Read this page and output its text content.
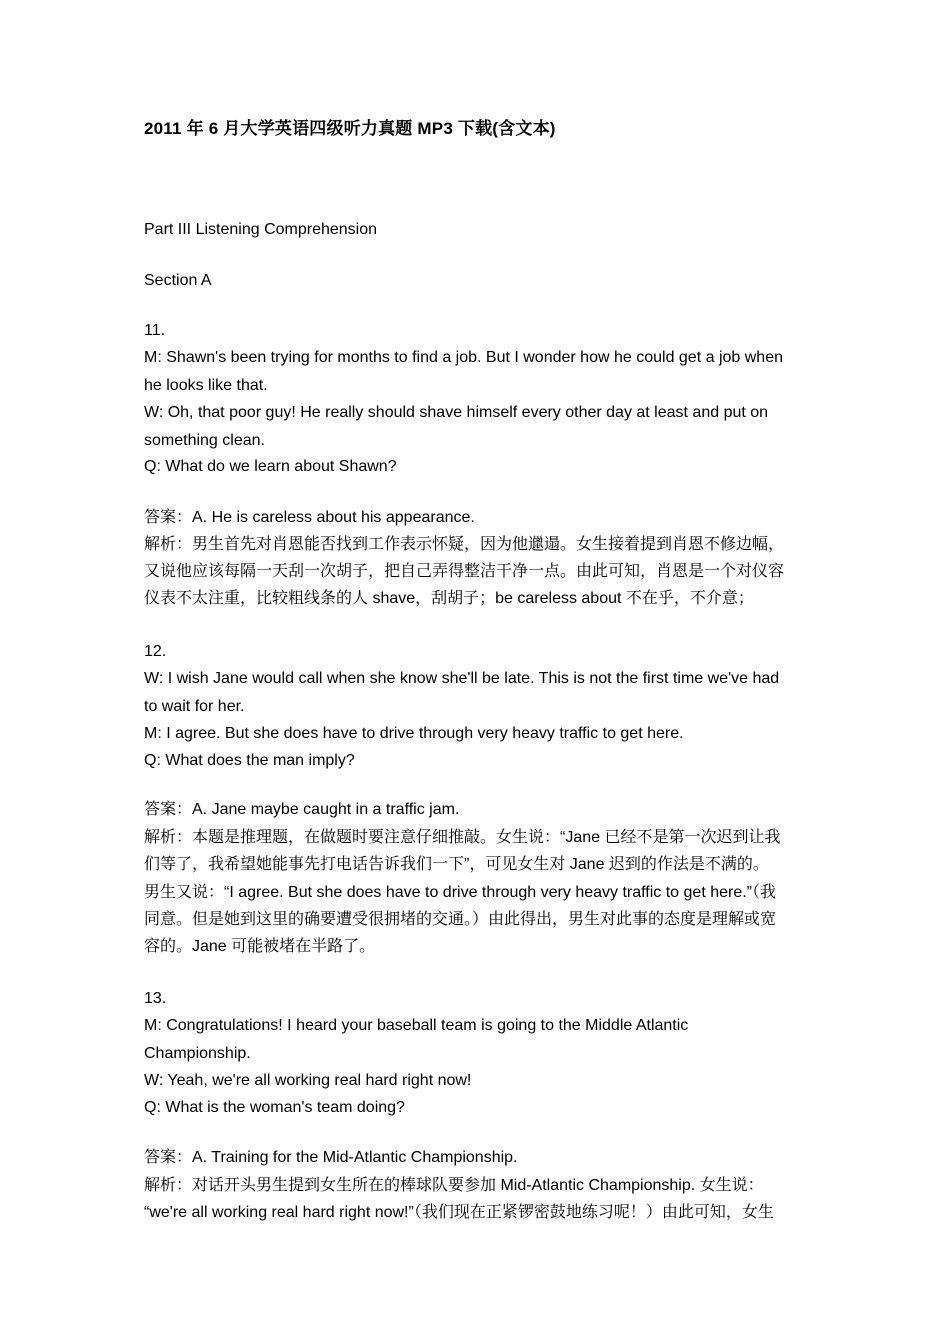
2011 年 6 月大学英语四级听力真题 MP3 下载(含文本)
Part III Listening Comprehension
Section A
11.
M: Shawn's been trying for months to find a job. But I wonder how he could get a job when
he looks like that.
W: Oh, that poor guy! He really should shave himself every other day at least and put on
something clean.
Q: What do we learn about Shawn?
答案：A. He is careless about his appearance.
解析：男生首先对肖恩能否找到工作表示怀疑，因为他邋遢。女生接着提到肖恩不修边幅，
又说他应该每隔一天刮一次胡子，把自己弄得整洁干净一点。由此可知，肖恩是一个对仪容
仪表不太注重，比较粗线条的人 shave，刮胡子；be careless about 不在乎，不介意；
12.
W: I wish Jane would call when she know she'll be late. This is not the first time we've had
to wait for her.
M: I agree. But she does have to drive through very heavy traffic to get here.
Q: What does the man imply?
答案：A. Jane maybe caught in a traffic jam.
解析：本题是推理题，在做题时要注意仔细推敲。女生说：“Jane 已经不是第一次迟到让我
们等了，我希望她能事先打电话告诉我们一下”，可见女生对 Jane 迟到的作法是不满的。
男生又说：“I agree. But she does have to drive through very heavy traffic to get here.”（我
同意。但是她到这里的确要遭受很拥堵的交通。）由此得出，男生对此事的态度是理解或宽
容的。Jane 可能被堵在半路了。
13.
M: Congratulations! I heard your baseball team is going to the Middle Atlantic
Championship.
W: Yeah, we're all working real hard right now!
Q: What is the woman's team doing?
答案：A. Training for the Mid-Atlantic Championship.
解析：对话开头男生提到女生所在的棒球队要参加 Mid-Atlantic Championship. 女生说：
“we're all working real hard right now!”（我们现在正紧锣密鼓地练习呢！）由此可知，女生
